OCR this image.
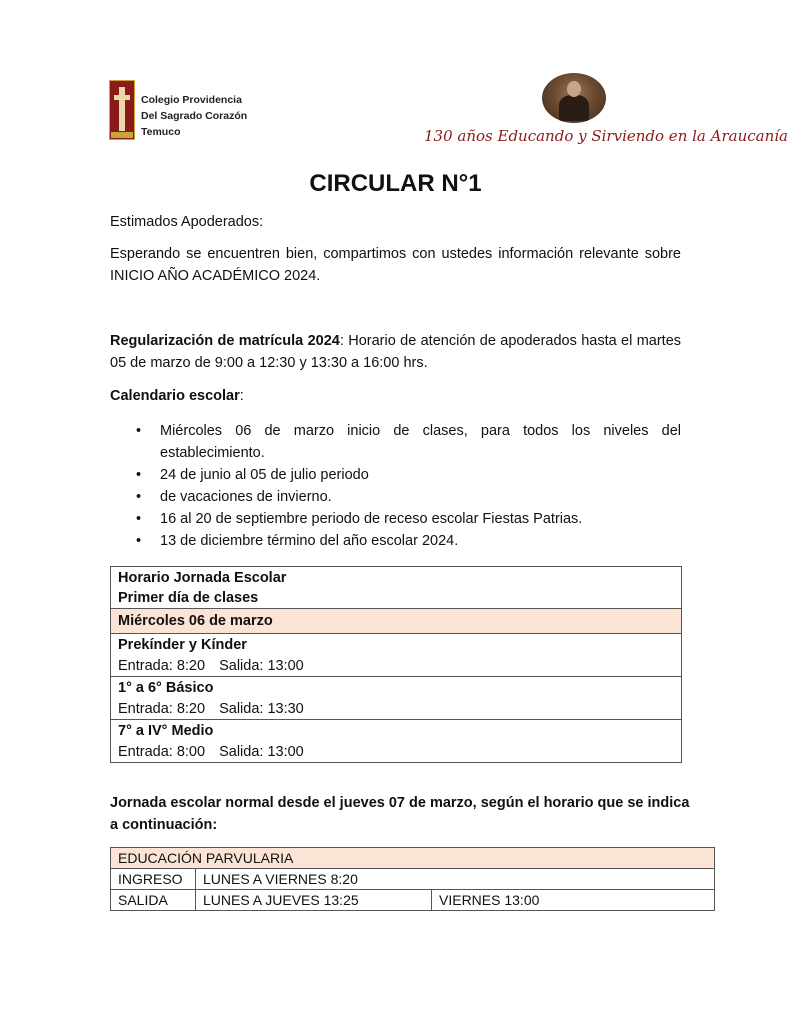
Colegio Providencia
Del Sagrado Corazón
Temuco	130 años Educando y Sirviendo en la Araucanía
CIRCULAR N°1
Estimados Apoderados:
Esperando se encuentren bien, compartimos con ustedes información relevante sobre INICIO AÑO ACADÉMICO 2024.
Regularización de matrícula 2024: Horario de atención de apoderados hasta el martes 05 de marzo de 9:00 a 12:30 y 13:30 a 16:00 hrs.
Calendario escolar:
• Miércoles 06 de marzo inicio de clases, para todos los niveles del establecimiento.
• 24 de junio al 05 de julio periodo
• de vacaciones de invierno.
• 16 al 20 de septiembre periodo de receso escolar Fiestas Patrias.
• 13 de diciembre término del año escolar 2024.
Horario Jornada Escolar
Primer día de clases
Miércoles 06 de marzo
Prekínder y Kínder
Entrada: 8:20 Salida: 13:00
1° a 6° Básico
Entrada: 8:20 Salida: 13:30
7° a IV° Medio
Entrada: 8:00 Salida: 13:00
Jornada escolar normal desde el jueves 07 de marzo, según el horario que se indica a continuación:
EDUCACIÓN PARVULARIA		
INGRESO	LUNES A VIERNES 8:20	
SALIDA	LUNES A JUEVES 13:25	VIERNES 13:00
